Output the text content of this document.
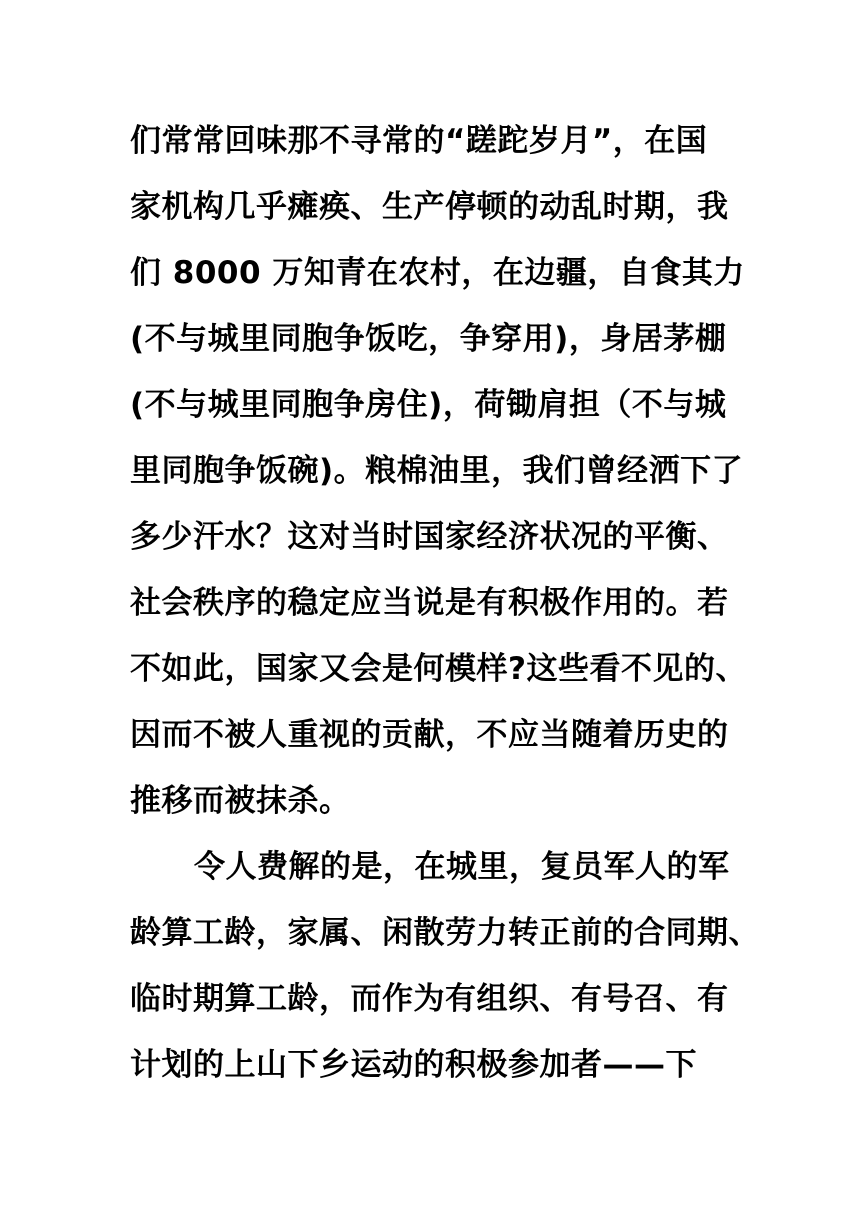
们常常回味那不寻常的“蹉跎岁月”，在国
家机构几乎瘫痪、生产停顿的动乱时期，我
们 8000 万知青在农村，在边疆，自食其力
(不与城里同胞争饭吃，争穿用)，身居茅棚
(不与城里同胞争房住)，荷锄肩担（不与城
里同胞争饭碗)。粮棉油里，我们曾经洒下了
多少汗水？这对当时国家经济状况的平衡、
社会秩序的稳定应当说是有积极作用的。若
不如此，国家又会是何模样?这些看不见的、
因而不被人重视的贡献，不应当随着历史的
推移而被抹杀。
令人费解的是，在城里，复员军人的军
龄算工龄，家属、闲散劳力转正前的合同期、
临时期算工龄，而作为有组织、有号召、有
计划的上山下乡运动的积极参加者——下
